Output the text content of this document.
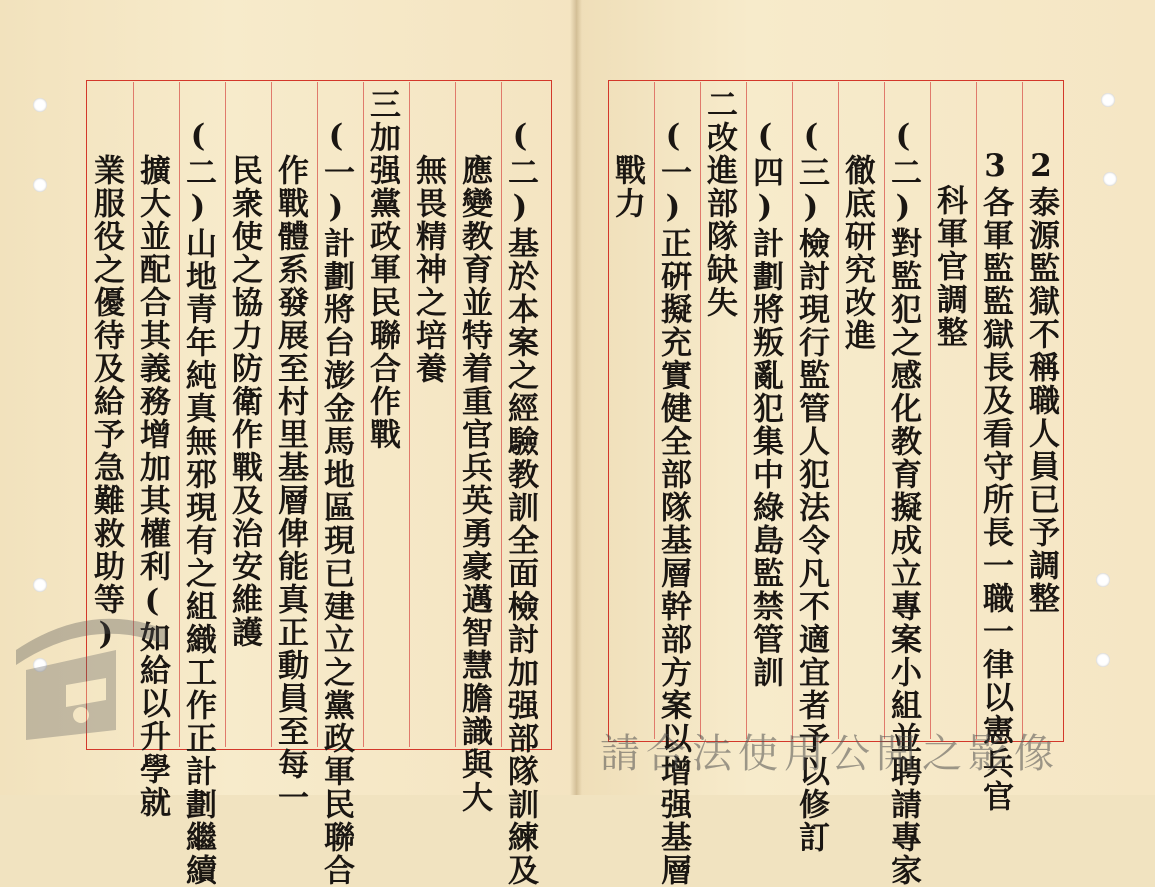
(二)基於本案之經驗教訓全面檢討加强部隊訓練及
應變教育並特着重官兵英勇豪邁智慧膽識與大
無畏精神之培養
三加强黨政軍民聯合作戰
(一)計劃將台澎金馬地區現已建立之黨政軍民聯合
作戰體系發展至村里基層俾能真正動員至每一
民衆使之協力防衛作戰及治安維護
(二)山地青年純真無邪現有之組織工作正計劃繼續
擴大並配合其義務增加其權利(如給以升學就
業服役之優待及給予急難救助等)	2泰源監獄不稱職人員已予調整
3各軍監監獄長及看守所長一職一律以憲兵官
科軍官調整
(二)對監犯之感化教育擬成立專案小組並聘請專家
徹底研究改進
(三)檢討現行監管人犯法令凡不適宜者予以修訂
(四)計劃將叛亂犯集中綠島監禁管訓
二改進部隊缺失
(一)正硏擬充實健全部隊基層幹部方案以增强基層
戰力
請合法使用公開之影像
